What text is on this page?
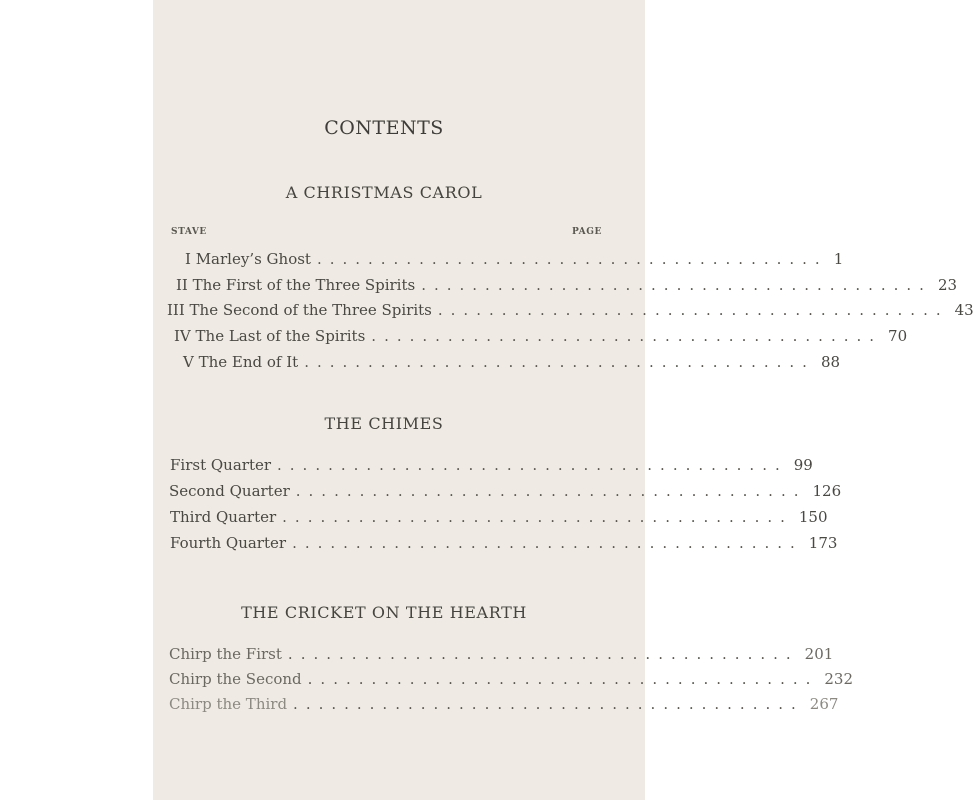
CONTENTS
A CHRISTMAS CAROL
STAVE	PAGE
I Marley’s Ghost ........................................ 1
II The First of the Three Spirits ........................................ 23
III The Second of the Three Spirits ........................................ 43
IV The Last of the Spirits ........................................ 70
V The End of It ........................................ 88
THE CHIMES
First Quarter ........................................ 99
Second Quarter ........................................ 126
Third Quarter ........................................ 150
Fourth Quarter ........................................ 173
THE CRICKET ON THE HEARTH
Chirp the First ........................................ 201
Chirp the Second ........................................ 232
Chirp the Third ........................................ 267
